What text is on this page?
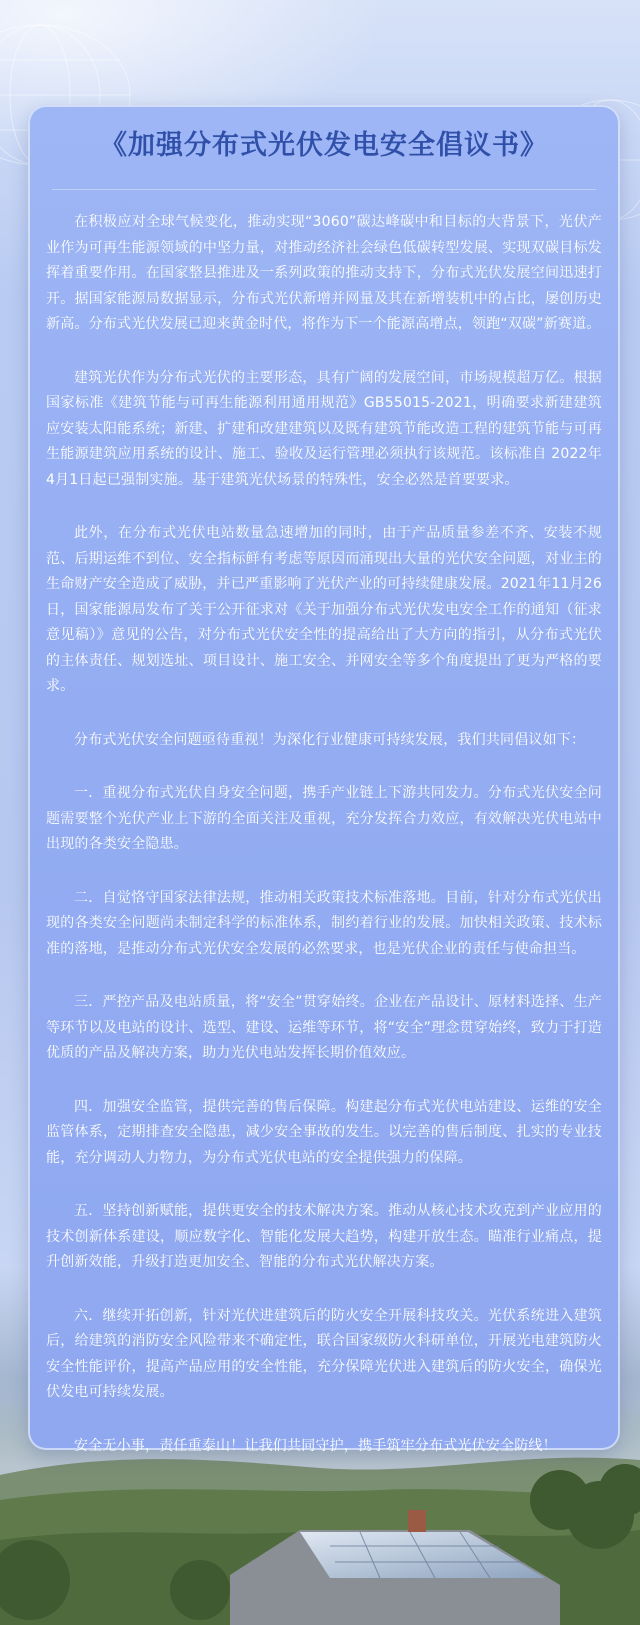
《加强分布式光伏发电安全倡议书》

在积极应对全球气候变化，推动实现“3060”碳达峰碳中和目标的大背景下，光伏产业作为可再生能源领域的中坚力量，对推动经济社会绿色低碳转型发展、实现双碳目标发挥着重要作用。在国家整县推进及一系列政策的推动支持下，分布式光伏发展空间迅速打开。据国家能源局数据显示，分布式光伏新增并网量及其在新增装机中的占比，屡创历史新高。分布式光伏发展已迎来黄金时代，将作为下一个能源高增点，领跑“双碳”新赛道。

建筑光伏作为分布式光伏的主要形态，具有广阔的发展空间，市场规模超万亿。根据国家标准《建筑节能与可再生能源利用通用规范》GB55015-2021，明确要求新建建筑应安装太阳能系统；新建、扩建和改建建筑以及既有建筑节能改造工程的建筑节能与可再生能源建筑应用系统的设计、施工、验收及运行管理必须执行该规范。该标准自 2022年4月1日起已强制实施。基于建筑光伏场景的特殊性，安全必然是首要要求。

此外，在分布式光伏电站数量急速增加的同时，由于产品质量参差不齐、安装不规范、后期运维不到位、安全指标鲜有考虑等原因而涌现出大量的光伏安全问题，对业主的生命财产安全造成了威胁，并已严重影响了光伏产业的可持续健康发展。2021年11月26日，国家能源局发布了关于公开征求对《关于加强分布式光伏发电安全工作的通知（征求意见稿）》意见的公告，对分布式光伏安全性的提高给出了大方向的指引，从分布式光伏的主体责任、规划选址、项目设计、施工安全、并网安全等多个角度提出了更为严格的要求。

分布式光伏安全问题亟待重视！为深化行业健康可持续发展，我们共同倡议如下：

一．重视分布式光伏自身安全问题，携手产业链上下游共同发力。分布式光伏安全问题需要整个光伏产业上下游的全面关注及重视，充分发挥合力效应，有效解决光伏电站中出现的各类安全隐患。

二．自觉恪守国家法律法规，推动相关政策技术标准落地。目前，针对分布式光伏出现的各类安全问题尚未制定科学的标准体系，制约着行业的发展。加快相关政策、技术标准的落地，是推动分布式光伏安全发展的必然要求，也是光伏企业的责任与使命担当。

三．严控产品及电站质量，将“安全”贯穿始终。企业在产品设计、原材料选择、生产等环节以及电站的设计、选型、建设、运维等环节，将“安全”理念贯穿始终，致力于打造优质的产品及解决方案，助力光伏电站发挥长期价值效应。

四．加强安全监管，提供完善的售后保障。构建起分布式光伏电站建设、运维的安全监管体系，定期排查安全隐患，减少安全事故的发生。以完善的售后制度、扎实的专业技能，充分调动人力物力，为分布式光伏电站的安全提供强力的保障。

五．坚持创新赋能，提供更安全的技术解决方案。推动从核心技术攻克到产业应用的技术创新体系建设，顺应数字化、智能化发展大趋势，构建开放生态。瞄准行业痛点，提升创新效能，升级打造更加安全、智能的分布式光伏解决方案。

六．继续开拓创新，针对光伏进建筑后的防火安全开展科技攻关。光伏系统进入建筑后，给建筑的消防安全风险带来不确定性，联合国家级防火科研单位，开展光电建筑防火安全性能评价，提高产品应用的安全性能，充分保障光伏进入建筑后的防火安全，确保光伏发电可持续发展。

安全无小事，责任重泰山！让我们共同守护，携手筑牢分布式光伏安全防线！
